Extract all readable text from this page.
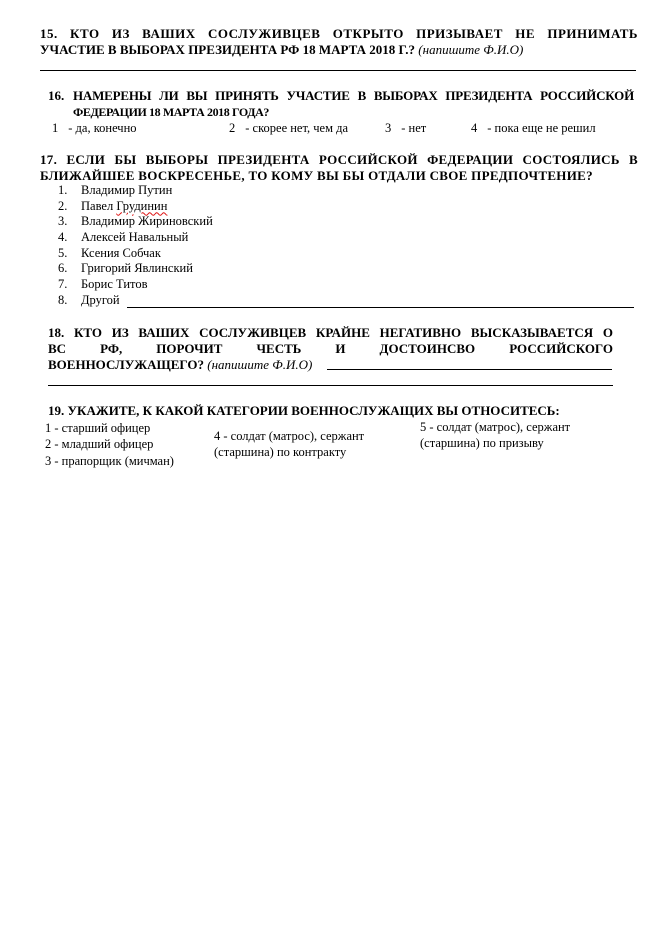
15. КТО ИЗ ВАШИХ СОСЛУЖИВЦЕВ ОТКРЫТО ПРИЗЫВАЕТ НЕ ПРИНИМАТЬ
УЧАСТИЕ В ВЫБОРАХ ПРЕЗИДЕНТА РФ 18 МАРТА 2018 Г.? (напишите Ф.И.О)
16. НАМЕРЕНЫ ЛИ ВЫ ПРИНЯТЬ УЧАСТИЕ В ВЫБОРАХ ПРЕЗИДЕНТА РОССИЙСКОЙ
ФЕДЕРАЦИИ 18 МАРТА 2018 ГОДА?
1 - да, конечно	2 - скорее нет, чем да	3 - нет	4 - пока еще не решил
17. ЕСЛИ БЫ ВЫБОРЫ ПРЕЗИДЕНТА РОССИЙСКОЙ ФЕДЕРАЦИИ СОСТОЯЛИСЬ В
БЛИЖАЙШЕЕ ВОСКРЕСЕНЬЕ, ТО КОМУ ВЫ БЫ ОТДАЛИ СВОЕ ПРЕДПОЧТЕНИЕ?
1. Владимир Путин
2. Павел Грудинин
3. Владимир Жириновский
4. Алексей Навальный
5. Ксения Собчак
6. Григорий Явлинский
7. Борис Титов
8. Другой
18. КТО ИЗ ВАШИХ СОСЛУЖИВЦЕВ КРАЙНЕ НЕГАТИВНО ВЫСКАЗЫВАЕТСЯ О
ВС РФ, ПОРОЧИТ ЧЕСТЬ И ДОСТОИНСВО РОССИЙСКОГО
ВОЕННОСЛУЖАЩЕГО? (напишите Ф.И.О)
19. УКАЖИТЕ, К КАКОЙ КАТЕГОРИИ ВОЕННОСЛУЖАЩИХ ВЫ ОТНОСИТЕСЬ:
1 - старший офицер
2 - младший офицер
3 - прапорщик (мичман)
4 - солдат (матрос), сержант
(старшина) по контракту
5 - солдат (матрос), сержант
(старшина) по призыву
